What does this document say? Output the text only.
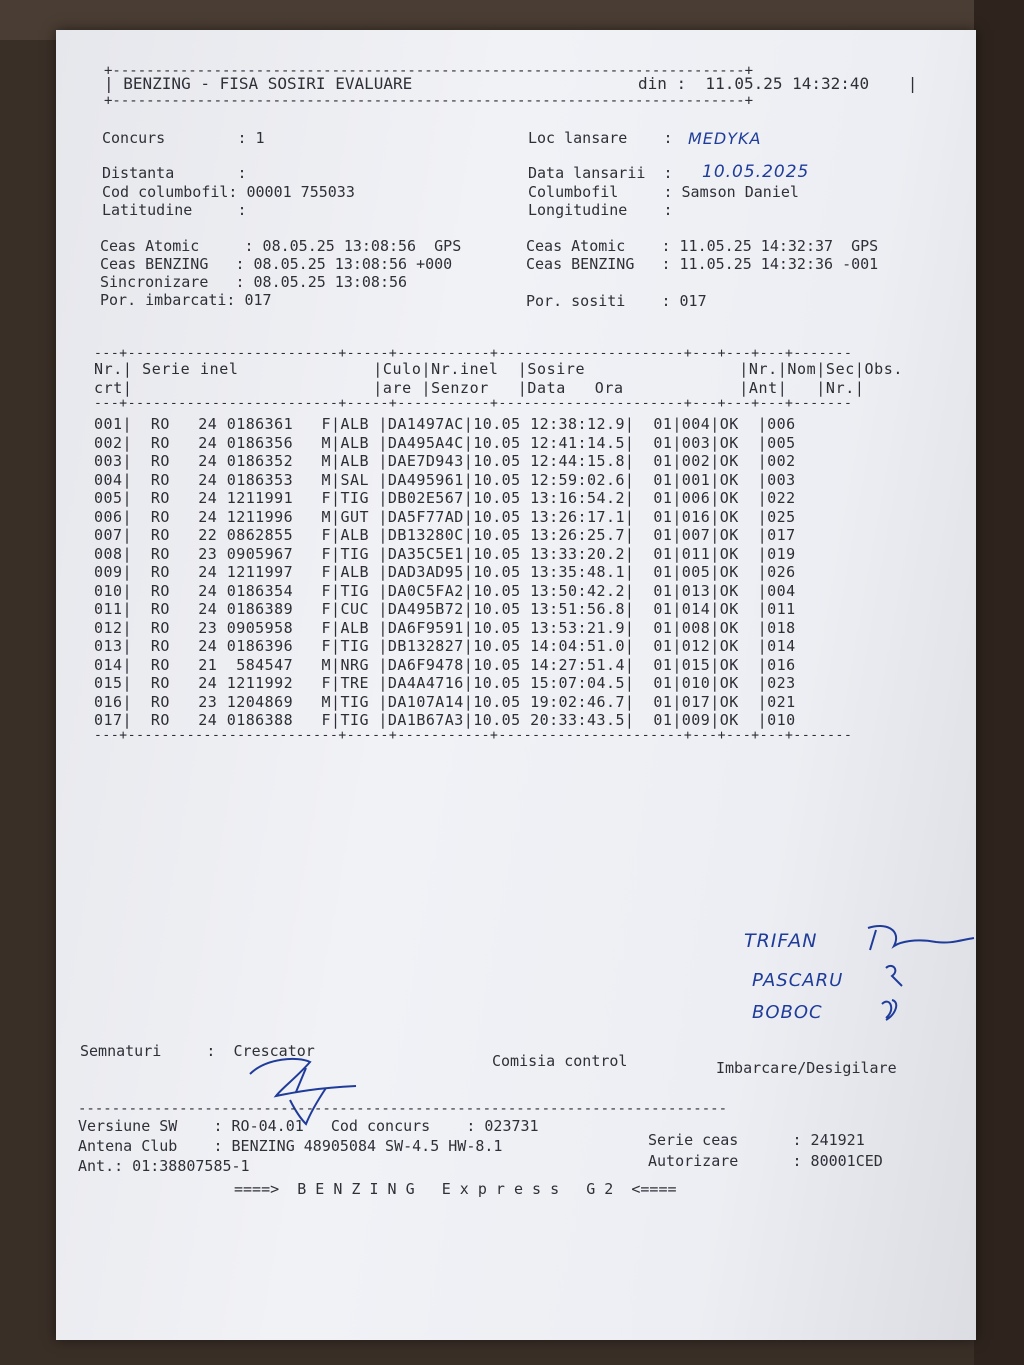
+---------------------------------------------------------------------------+
| BENZING - FISA SOSIRI EVALUARE	din :  11.05.25 14:32:40    |
+---------------------------------------------------------------------------+
Concurs        : 1	Loc lansare    : MEDYKA
Distanta       :	Data lansarii  : 10.05.2025
Cod columbofil: 00001 755033	Columbofil     : Samson Daniel
Latitudine     :	Longitudine    :
Ceas Atomic     : 08.05.25 13:08:56  GPS	Ceas Atomic    : 11.05.25 14:32:37  GPS
Ceas BENZING   : 08.05.25 13:08:56 +000	Ceas BENZING   : 11.05.25 14:32:36 -001
Sincronizare   : 08.05.25 13:08:56
Por. imbarcati: 017	Por. sositi    : 017
---+-------------------------+-----+-----------+----------------------+---+---+---+-------
Nr.| Serie inel              |Culo|Nr.inel  |Sosire                |Nr.|Nom|Sec|Obs.
crt|                         |are |Senzor   |Data   Ora            |Ant|   |Nr.|
---+-------------------------+-----+-----------+----------------------+---+---+---+-------
001|  RO   24 0186361   F|ALB |DA1497AC|10.05 12:38:12.9|  01|004|OK  |006
002|  RO   24 0186356   M|ALB |DA495A4C|10.05 12:41:14.5|  01|003|OK  |005
003|  RO   24 0186352   M|ALB |DAE7D943|10.05 12:44:15.8|  01|002|OK  |002
004|  RO   24 0186353   M|SAL |DA495961|10.05 12:59:02.6|  01|001|OK  |003
005|  RO   24 1211991   F|TIG |DB02E567|10.05 13:16:54.2|  01|006|OK  |022
006|  RO   24 1211996   M|GUT |DA5F77AD|10.05 13:26:17.1|  01|016|OK  |025
007|  RO   22 0862855   F|ALB |DB13280C|10.05 13:26:25.7|  01|007|OK  |017
008|  RO   23 0905967   F|TIG |DA35C5E1|10.05 13:33:20.2|  01|011|OK  |019
009|  RO   24 1211997   F|ALB |DAD3AD95|10.05 13:35:48.1|  01|005|OK  |026
010|  RO   24 0186354   F|TIG |DA0C5FA2|10.05 13:50:42.2|  01|013|OK  |004
011|  RO   24 0186389   F|CUC |DA495B72|10.05 13:51:56.8|  01|014|OK  |011
012|  RO   23 0905958   F|ALB |DA6F9591|10.05 13:53:21.9|  01|008|OK  |018
013|  RO   24 0186396   F|TIG |DB132827|10.05 14:04:51.0|  01|012|OK  |014
014|  RO   21  584547   M|NRG |DA6F9478|10.05 14:27:51.4|  01|015|OK  |016
015|  RO   24 1211992   F|TRE |DA4A4716|10.05 15:07:04.5|  01|010|OK  |023
016|  RO   23 1204869   M|TIG |DA107A14|10.05 19:02:46.7|  01|017|OK  |021
017|  RO   24 0186388   F|TIG |DA1B67A3|10.05 20:33:43.5|  01|009|OK  |010
---+-------------------------+-----+-----------+----------------------+---+---+---+-------
TRIFAN
PASCARU
BOBOC
Semnaturi     :  Crescator
Comisia control	Imbarcare/Desigilare
-----------------------------------------------------------------------------
Versiune SW    : RO-04.01   Cod concurs    : 023731
Antena Club    : BENZING 48905084 SW-4.5 HW-8.1
Ant.: 01:38807585-1
Serie ceas      : 241921
Autorizare      : 80001CED
====>  B E N Z I N G   E x p r e s s   G 2  <====
